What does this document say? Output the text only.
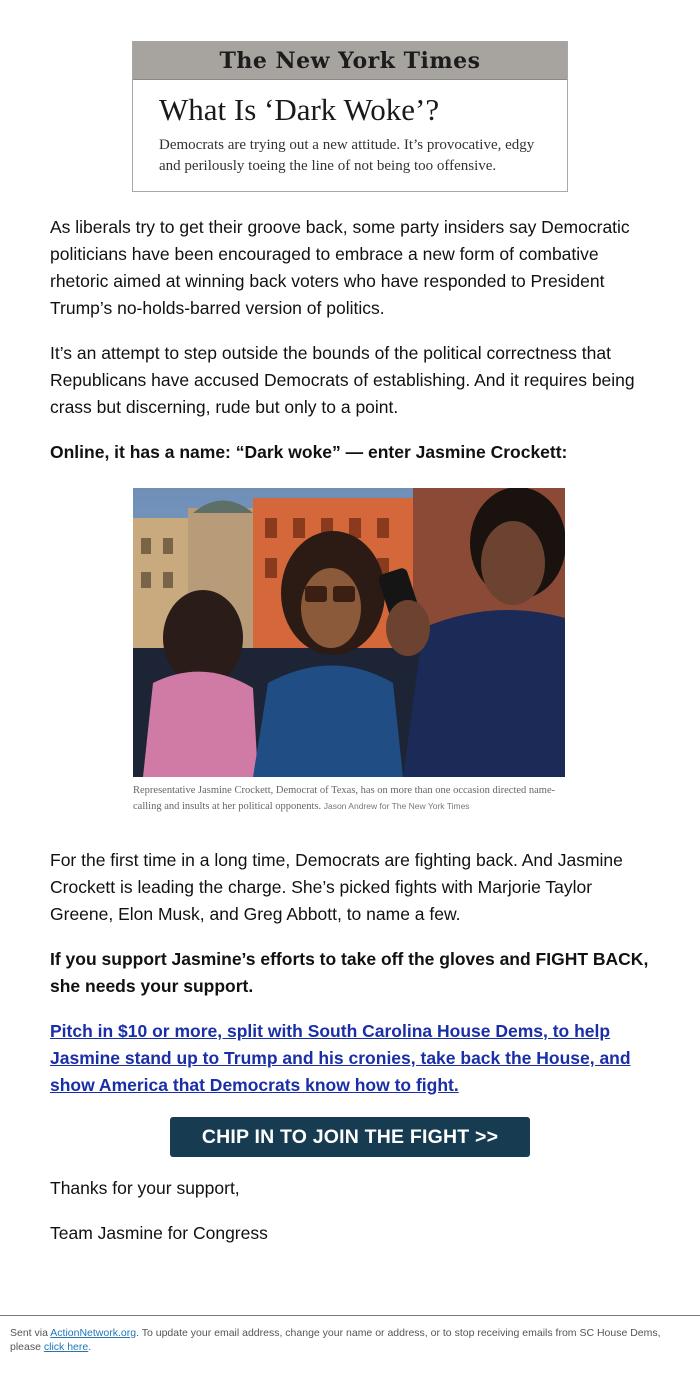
The New York Times
What Is ‘Dark Woke’?
Democrats are trying out a new attitude. It’s provocative, edgy and perilously toeing the line of not being too offensive.

As liberals try to get their groove back, some party insiders say Democratic politicians have been encouraged to embrace a new form of combative rhetoric aimed at winning back voters who have responded to President Trump’s no-holds-barred version of politics.

It’s an attempt to step outside the bounds of the political correctness that Republicans have accused Democrats of establishing. And it requires being crass but discerning, rude but only to a point.

Online, it has a name: “Dark woke” — enter Jasmine Crockett:

Representative Jasmine Crockett, Democrat of Texas, has on more than one occasion directed name-calling and insults at her political opponents. Jason Andrew for The New York Times

For the first time in a long time, Democrats are fighting back. And Jasmine Crockett is leading the charge. She’s picked fights with Marjorie Taylor Greene, Elon Musk, and Greg Abbott, to name a few.

If you support Jasmine’s efforts to take off the gloves and FIGHT BACK, she needs your support.

Pitch in $10 or more, split with South Carolina House Dems, to help Jasmine stand up to Trump and his cronies, take back the House, and show America that Democrats know how to fight.

CHIP IN TO JOIN THE FIGHT >>

Thanks for your support,

Team Jasmine for Congress

Sent via ActionNetwork.org. To update your email address, change your name or address, or to stop receiving emails from SC House Dems, please click here.
